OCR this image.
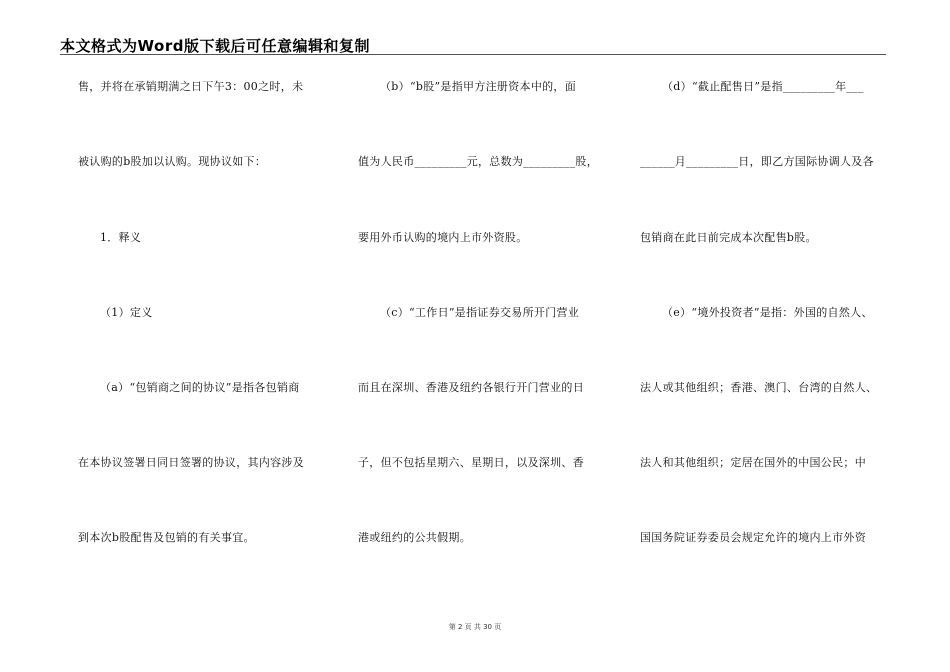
本文格式为Word版下载后可任意编辑和复制
售，并将在承销期满之日下午3：00之时，未
被认购的b股加以认购。现协议如下：
1．释义
（1）定义
（a）“包销商之间的协议”是指各包销商
在本协议签署日同日签署的协议，其内容涉及
到本次b股配售及包销的有关事宜。
（b）“b股”是指甲方注册资本中的，面
值为人民币_________元，总数为_________股，
要用外币认购的境内上市外资股。
（c）“工作日”是指证券交易所开门营业
而且在深圳、香港及纽约各银行开门营业的日
子，但不包括星期六、星期日，以及深圳、香
港或纽约的公共假期。
（d）“截止配售日”是指_________年___
______月_________日，即乙方国际协调人及各
包销商在此日前完成本次配售b股。
（e）“境外投资者”是指：外国的自然人、
法人或其他组织；香港、澳门、台湾的自然人、
法人和其他组织；定居在国外的中国公民；中
国国务院证券委员会规定允许的境内上市外资
第 2 页 共 30 页
